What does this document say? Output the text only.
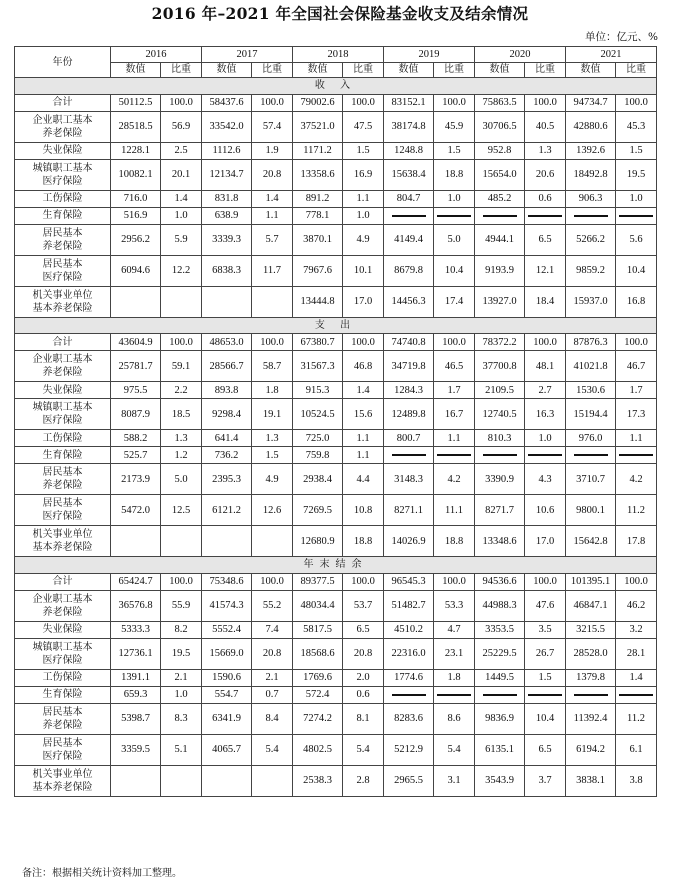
2016 年–2021 年全国社会保险基金收支及结余情况
单位：亿元、%
年份	2016		2017		2018		2019		2020		2021	
	数值	比重	数值	比重	数值	比重	数值	比重	数值	比重	数值	比重
收 入												
合计	50112.5	100.0	58437.6	100.0	79002.6	100.0	83152.1	100.0	75863.5	100.0	94734.7	100.0
企业职工基本
养老保险	28518.5	56.9	33542.0	57.4	37521.0	47.5	38174.8	45.9	30706.5	40.5	42880.6	45.3
失业保险	1228.1	2.5	1112.6	1.9	1171.2	1.5	1248.8	1.5	952.8	1.3	1392.6	1.5
城镇职工基本
医疗保险	10082.1	20.1	12134.7	20.8	13358.6	16.9	15638.4	18.8	15654.0	20.6	18492.8	19.5
工伤保险	716.0	1.4	831.8	1.4	891.2	1.1	804.7	1.0	485.2	0.6	906.3	1.0
生育保险	516.9	1.0	638.9	1.1	778.1	1.0						
居民基本
养老保险	2956.2	5.9	3339.3	5.7	3870.1	4.9	4149.4	5.0	4944.1	6.5	5266.2	5.6
居民基本
医疗保险	6094.6	12.2	6838.3	11.7	7967.6	10.1	8679.8	10.4	9193.9	12.1	9859.2	10.4
机关事业单位
基本养老保险					13444.8	17.0	14456.3	17.4	13927.0	18.4	15937.0	16.8
支 出												
合计	43604.9	100.0	48653.0	100.0	67380.7	100.0	74740.8	100.0	78372.2	100.0	87876.3	100.0
企业职工基本
养老保险	25781.7	59.1	28566.7	58.7	31567.3	46.8	34719.8	46.5	37700.8	48.1	41021.8	46.7
失业保险	975.5	2.2	893.8	1.8	915.3	1.4	1284.3	1.7	2109.5	2.7	1530.6	1.7
城镇职工基本
医疗保险	8087.9	18.5	9298.4	19.1	10524.5	15.6	12489.8	16.7	12740.5	16.3	15194.4	17.3
工伤保险	588.2	1.3	641.4	1.3	725.0	1.1	800.7	1.1	810.3	1.0	976.0	1.1
生育保险	525.7	1.2	736.2	1.5	759.8	1.1						
居民基本
养老保险	2173.9	5.0	2395.3	4.9	2938.4	4.4	3148.3	4.2	3390.9	4.3	3710.7	4.2
居民基本
医疗保险	5472.0	12.5	6121.2	12.6	7269.5	10.8	8271.1	11.1	8271.7	10.6	9800.1	11.2
机关事业单位
基本养老保险					12680.9	18.8	14026.9	18.8	13348.6	17.0	15642.8	17.8
年末结余												
合计	65424.7	100.0	75348.6	100.0	89377.5	100.0	96545.3	100.0	94536.6	100.0	101395.1	100.0
企业职工基本
养老保险	36576.8	55.9	41574.3	55.2	48034.4	53.7	51482.7	53.3	44988.3	47.6	46847.1	46.2
失业保险	5333.3	8.2	5552.4	7.4	5817.5	6.5	4510.2	4.7	3353.5	3.5	3215.5	3.2
城镇职工基本
医疗保险	12736.1	19.5	15669.0	20.8	18568.6	20.8	22316.0	23.1	25229.5	26.7	28528.0	28.1
工伤保险	1391.1	2.1	1590.6	2.1	1769.6	2.0	1774.6	1.8	1449.5	1.5	1379.8	1.4
生育保险	659.3	1.0	554.7	0.7	572.4	0.6						
居民基本
养老保险	5398.7	8.3	6341.9	8.4	7274.2	8.1	8283.6	8.6	9836.9	10.4	11392.4	11.2
居民基本
医疗保险	3359.5	5.1	4065.7	5.4	4802.5	5.4	5212.9	5.4	6135.1	6.5	6194.2	6.1
机关事业单位
基本养老保险					2538.3	2.8	2965.5	3.1	3543.9	3.7	3838.1	3.8
备注：根据相关统计资料加工整理。
